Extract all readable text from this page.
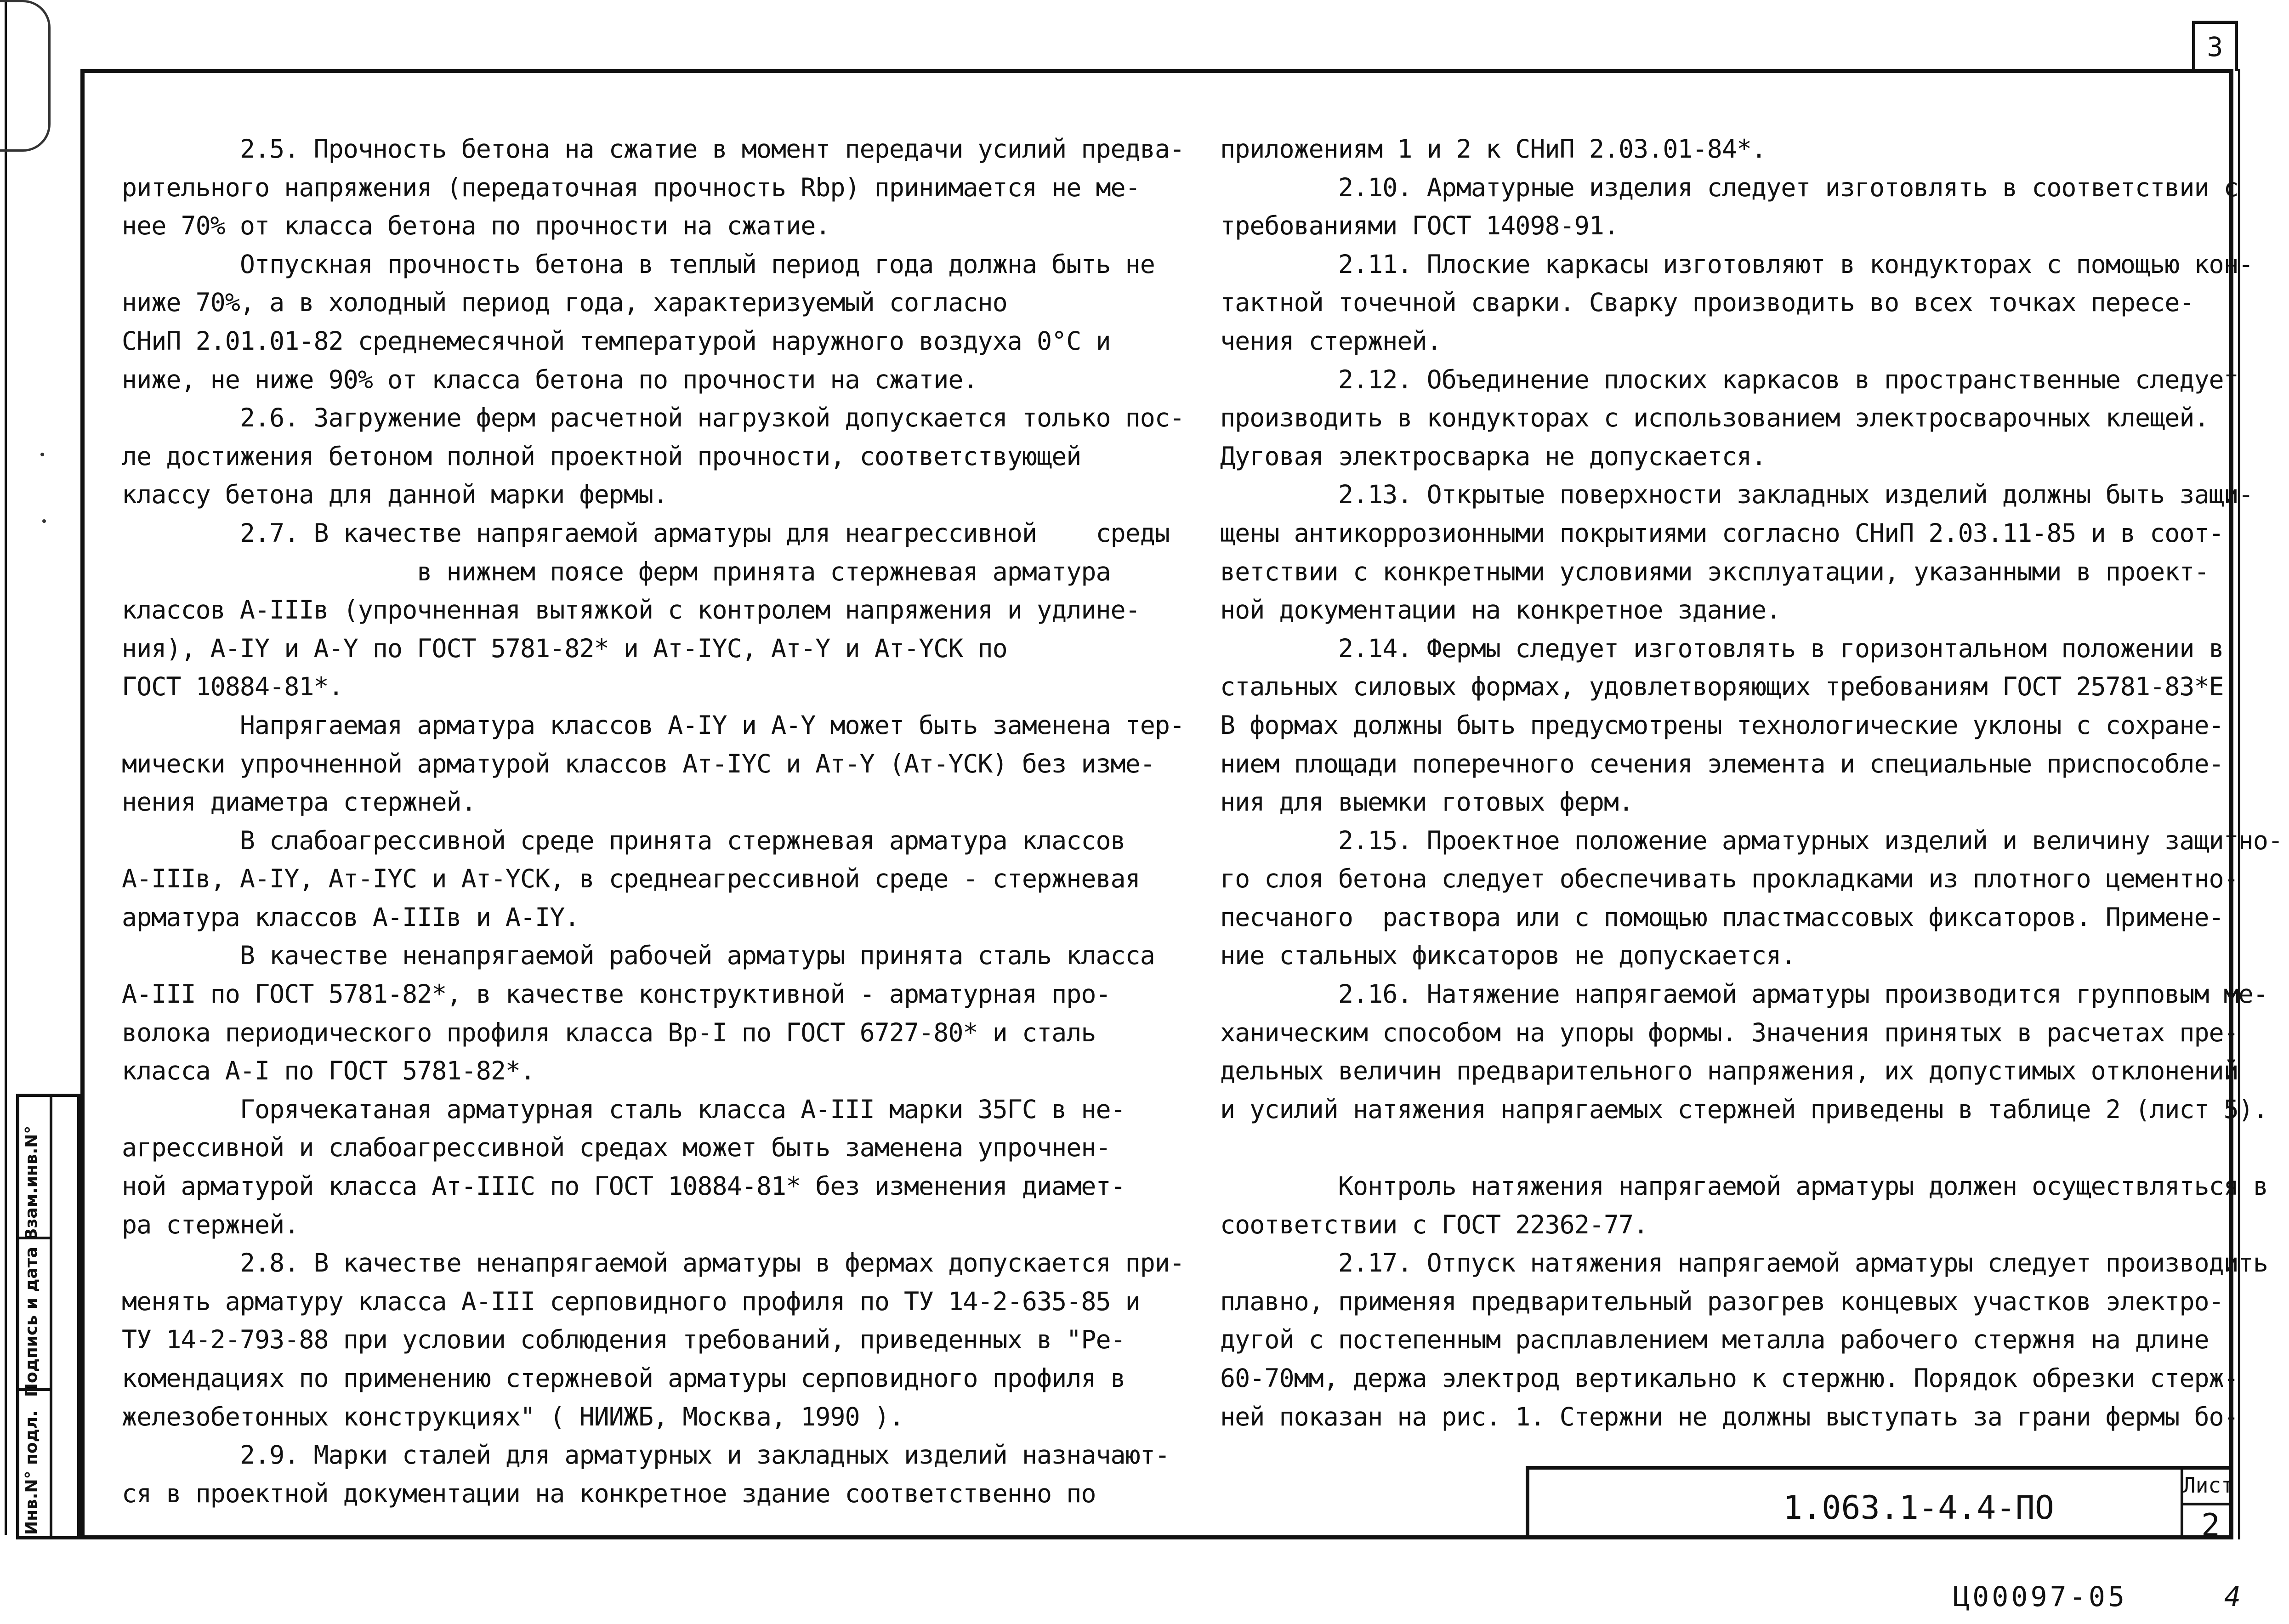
3
2.5. Прочность бетона на сжатие в момент передачи усилий предва-
рительного напряжения (передаточная прочность Rbp) принимается не ме-
нее 70% от класса бетона по прочности на сжатие.
Отпускная прочность бетона в теплый период года должна быть не
ниже 70%, а в холодный период года, характеризуемый согласно
СНиП 2.01.01-82 среднемесячной температурой наружного воздуха 0°С и
ниже, не ниже 90% от класса бетона по прочности на сжатие.
2.6. Загружение ферм расчетной нагрузкой допускается только пос-
ле достижения бетоном полной проектной прочности, соответствующей
классу бетона для данной марки фермы.
2.7. В качестве напрягаемой арматуры для неагрессивной    среды
в нижнем поясе ферм принята стержневая арматура
классов А-IIIв (упрочненная вытяжкой с контролем напряжения и удлине-
ния), А-IY и А-Y по ГОСТ 5781-82* и Ат-IYС, Ат-Y и Ат-YСК по
ГОСТ 10884-81*.
Напрягаемая арматура классов А-IY и А-Y может быть заменена тер-
мически упрочненной арматурой классов Ат-IYС и Ат-Y (Ат-YСК) без изме-
нения диаметра стержней.
В слабоагрессивной среде принята стержневая арматура классов
А-IIIв, А-IY, Ат-IYС и Ат-YСК, в среднеагрессивной среде - стержневая
арматура классов А-IIIв и А-IY.
В качестве ненапрягаемой рабочей арматуры принята сталь класса
А-III по ГОСТ 5781-82*, в качестве конструктивной - арматурная про-
волока периодического профиля класса Вр-I по ГОСТ 6727-80* и сталь
класса А-I по ГОСТ 5781-82*.
Горячекатаная арматурная сталь класса А-III марки 35ГС в не-
агрессивной и слабоагрессивной средах может быть заменена упрочнен-
ной арматурой класса Ат-IIIС по ГОСТ 10884-81* без изменения диамет-
ра стержней.
2.8. В качестве ненапрягаемой арматуры в фермах допускается при-
менять арматуру класса А-III серповидного профиля по ТУ 14-2-635-85 и
ТУ 14-2-793-88 при условии соблюдения требований, приведенных в "Ре-
комендациях по применению стержневой арматуры серповидного профиля в
железобетонных конструкциях" ( НИИЖБ, Москва, 1990 ).
2.9. Марки сталей для арматурных и закладных изделий назначают-
ся в проектной документации на конкретное здание соответственно по
приложениям 1 и 2 к СНиП 2.03.01-84*.
2.10. Арматурные изделия следует изготовлять в соответствии с
требованиями ГОСТ 14098-91.
2.11. Плоские каркасы изготовляют в кондукторах с помощью кон-
тактной точечной сварки. Сварку производить во всех точках пересе-
чения стержней.
2.12. Объединение плоских каркасов в пространственные следует
производить в кондукторах с использованием электросварочных клещей.
Дуговая электросварка не допускается.
2.13. Открытые поверхности закладных изделий должны быть защи-
щены антикоррозионными покрытиями согласно СНиП 2.03.11-85 и в соот-
ветствии с конкретными условиями эксплуатации, указанными в проект-
ной документации на конкретное здание.
2.14. Фермы следует изготовлять в горизонтальном положении в
стальных силовых формах, удовлетворяющих требованиям ГОСТ 25781-83*Е.
В формах должны быть предусмотрены технологические уклоны с сохране-
нием площади поперечного сечения элемента и специальные приспособле-
ния для выемки готовых ферм.
2.15. Проектное положение арматурных изделий и величину защитно-
го слоя бетона следует обеспечивать прокладками из плотного цементно-
песчаного  раствора или с помощью пластмассовых фиксаторов. Примене-
ние стальных фиксаторов не допускается.
2.16. Натяжение напрягаемой арматуры производится групповым ме-
ханическим способом на упоры формы. Значения принятых в расчетах пре-
дельных величин предварительного напряжения, их допустимых отклонений
и усилий натяжения напрягаемых стержней приведены в таблице 2 (лист 5).
Контроль натяжения напрягаемой арматуры должен осуществляться в
соответствии с ГОСТ 22362-77.
2.17. Отпуск натяжения напрягаемой арматуры следует производить
плавно, применяя предварительный разогрев концевых участков электро-
дугой с постепенным расплавлением металла рабочего стержня на длине
60-70мм, держа электрод вертикально к стержню. Порядок обрезки стерж-
ней показан на рис. 1. Стержни не должны выступать за грани фермы бо-
Взам.инв.N°
Подпись и дата
Инв.N° подл.	1.063.1-4.4-ПО
Лист
2
Ц00097-05	4
